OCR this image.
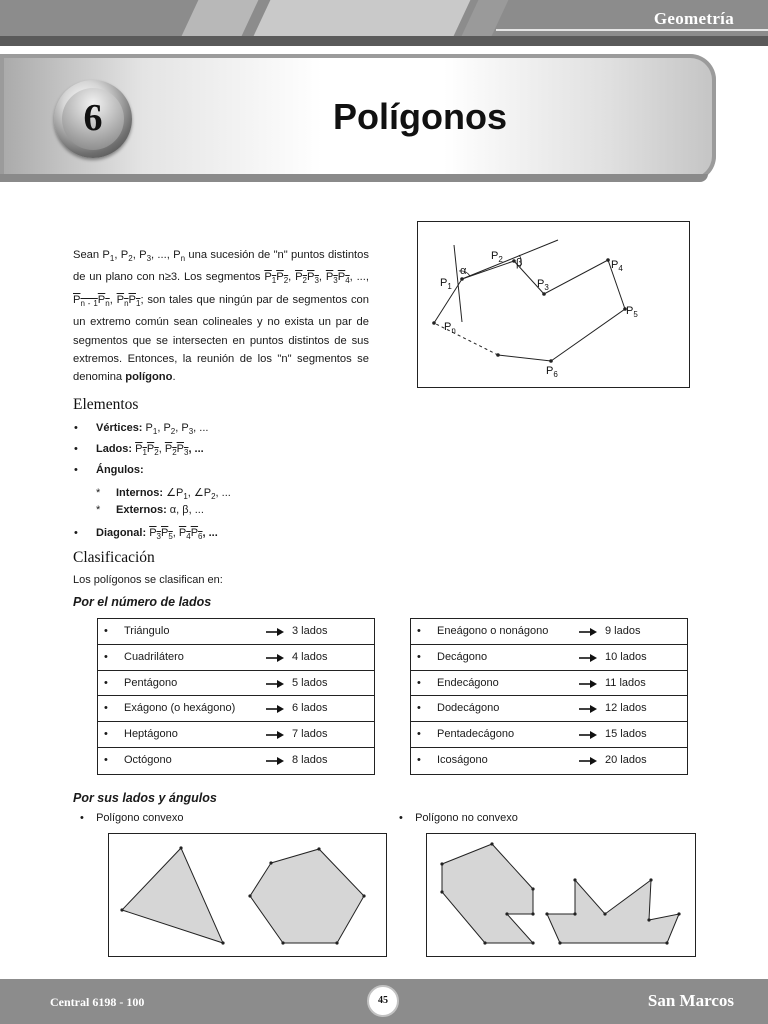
Geometría
6	Polígonos

Sean $P_1$, $P_2$, $P_3$, ..., $P_n$ una sucesión de "n" puntos distintos de un plano con n≥3. Los segmentos $P_1P_2$, $P_2P_3$, $P_3P_4$, ..., $P_{n - 1}P_n$, $P_nP_1$; son tales que ningún par de segmentos con un extremo común sean colineales y no exista un par de segmentos que se intersecten en puntos distintos de sus extremos. Entonces, la reunión de los "n" segmentos se denomina polígono.

$P_1$
$P_2$
$P_3$
$P_4$
$P_5$
$P_6$
$P_n$
α
β
Elementos
• Vértices: $P_1$, $P_2$, $P_3$, ...
• Lados: $P_1P_2$, $P_2P_3$, ...
• Ángulos:
* Internos: $\angle P_1$, $\angle P_2$, ...
* Externos: α, β, ...
• Diagonal: $P_3P_5$, $P_4P_6$, ...
Clasificación
Los polígonos se clasifican en:
Por el número de lados
• Triángulo	3 lados
• Cuadrilátero	4 lados
• Pentágono	5 lados
• Exágono (o hexágono)	6 lados
• Heptágono	7 lados
• Octógono	8 lados
• Eneágono o nonágono	9 lados
• Decágono	10 lados
• Endecágono	11 lados
• Dodecágono	12 lados
• Pentadecágono	15 lados
• Icoságono	20 lados
Por sus lados y ángulos
• Polígono convexo	• Polígono no convexo
Central 6198 - 100	San Marcos
45
